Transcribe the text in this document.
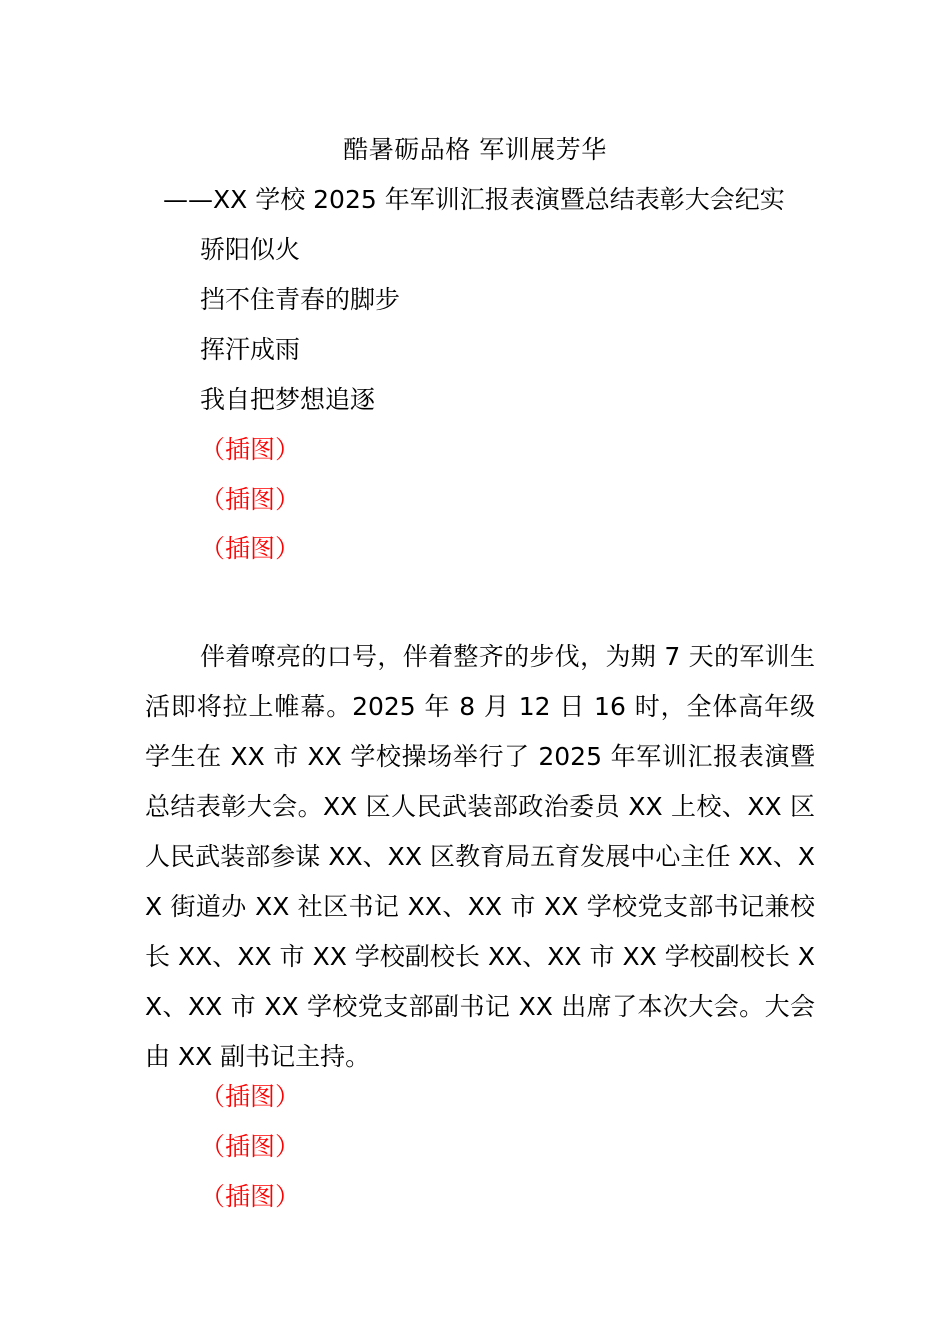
酷暑砺品格 军训展芳华
——XX 学校 2025 年军训汇报表演暨总结表彰大会纪实
骄阳似火
挡不住青春的脚步
挥汗成雨
我自把梦想追逐
（插图）
（插图）
（插图）
伴着嘹亮的口号，伴着整齐的步伐，为期 7 天的军训生活即将拉上帷幕。2025 年 8 月 12 日 16 时，全体高年级学生在 XX 市 XX 学校操场举行了 2025 年军训汇报表演暨总结表彰大会。XX 区人民武装部政治委员 XX 上校、XX 区人民武装部参谋 XX、XX 区教育局五育发展中心主任 XX、XX 街道办 XX 社区书记 XX、XX 市 XX 学校党支部书记兼校长 XX、XX 市 XX 学校副校长 XX、XX 市 XX 学校副校长 XX、XX 市 XX 学校党支部副书记 XX 出席了本次大会。大会由 XX 副书记主持。
（插图）
（插图）
（插图）
